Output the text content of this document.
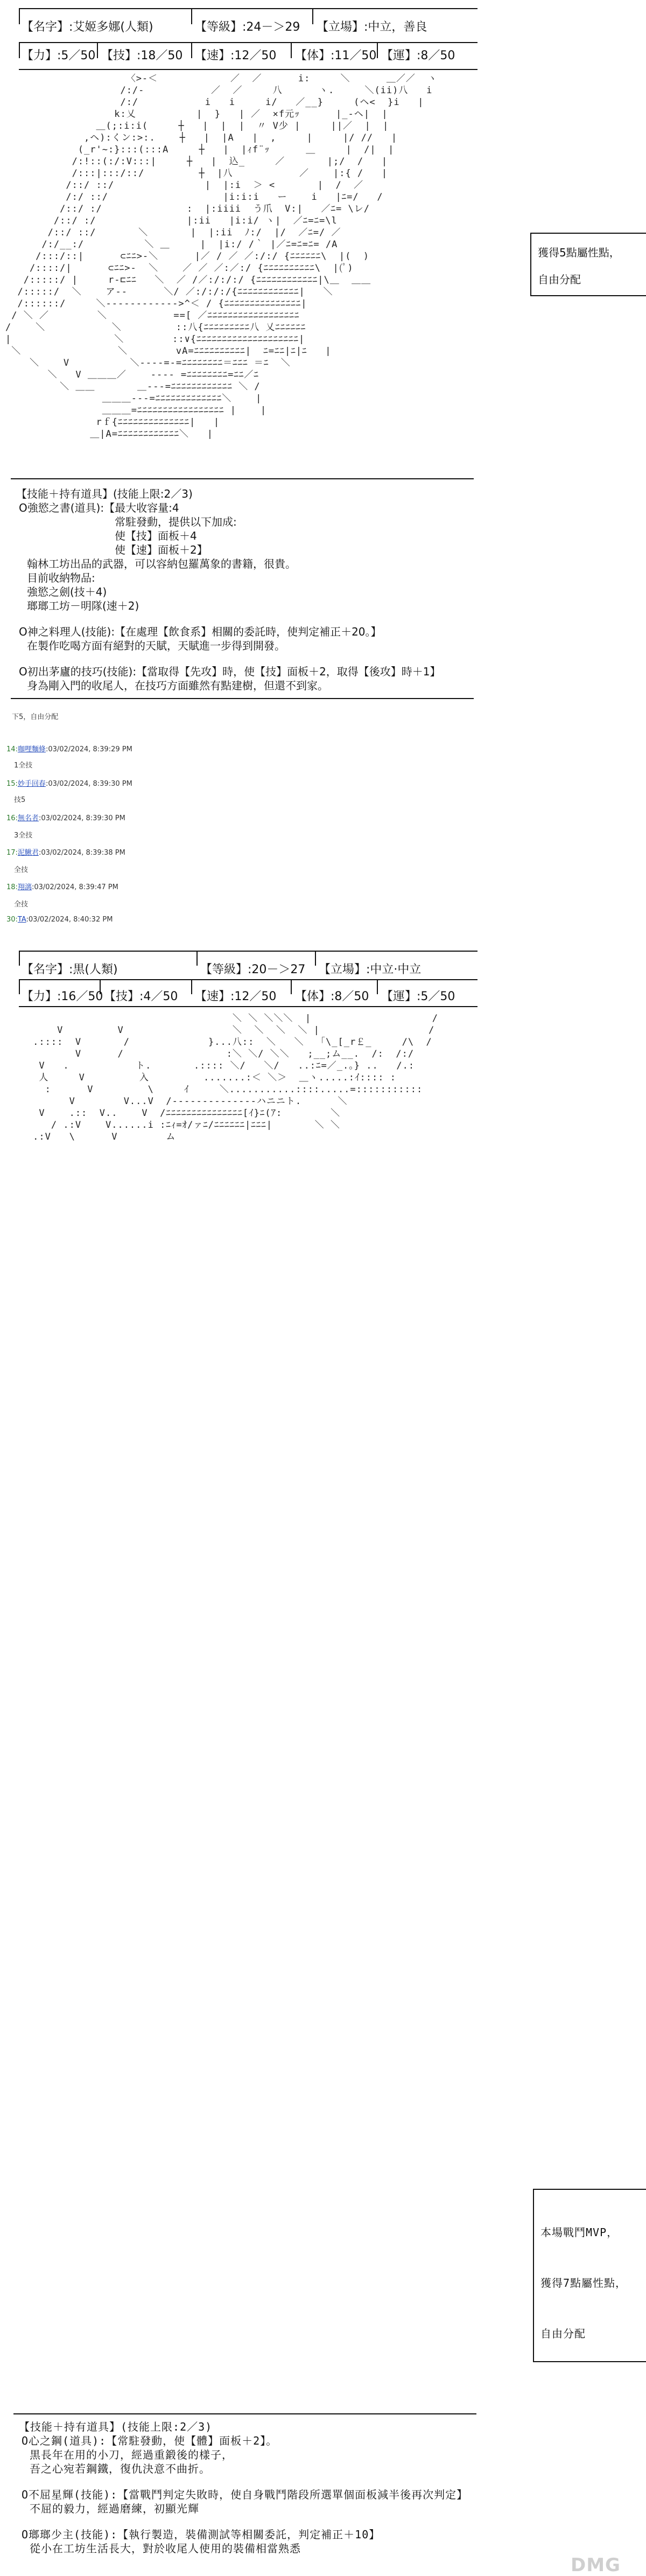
【名字】:艾姬多娜(人類)	【等級】:24－＞29 【立場】:中立，善良
【力】:5／50 【技】:18／50 【速】:12／50 【体】:11／50 【運】:8／50
〈>-＜            ／  ／      i:     ＼      ＿／／  ヽ
/:/-           ／  ／     八      ヽ.     ＼(ii)八   i
/:/           i   i     i/   ／__}     (ヘ<  }i   |
k:乂          |  }   | ／  ×f元ｯ      |_-ヘ|  |
＿(;:i:i(     ┼   |  |  |  〃 V少 |     ||／  |  |
,ヘ):くン:>:.    ┼   |  |A   |  ,     |     |/ //   |
(_r'~:}:::(:::A     ┼   |  |ｨf¨ｯ      ＿     |  /|  |
/:!::(:/:V:::|     ┼   |  込_     ／       |;/  /   |
/:::|:::/::/         ┼  |八           ／    |:{ /   |
/::/ ::/               |  |:i  ＞ <       |  /  ／
/:/ ::/                   |i:i:i   ー    i   |ﾆ=/   /
/::/ :/              :  |:iiii  う爪  V:|   ／ﾆ= \レ/
/::/ :/               |:ii   |i:i/ ヽ|  ／ﾆ=ﾆ=\l
/::/ ::/       ＼       |  |:ii  ﾉ:/  |/  ／ﾆ=/ ／
/:/__:/          ＼ ＿     |  |i:/ /｀ |／ﾆ=ﾆ=ﾆ= /A
/:::/::|      ⊂ﾆﾆ>‐＼      |／ / ／ ／:/:/ {ﾆﾆﾆﾆﾆﾆ\  |(  )
/::::/|      ⊂ﾆﾆ>‐  ＼    ／ ／ ／:／:/ {ﾆﾆﾆﾆﾆﾆﾆﾆﾆﾆ\  |(ﾟ)
/:::::/ |     r‐⊏ﾆﾆ   ＼  ／ /／:/:/:/ {ﾆﾆﾆﾆﾆﾆﾆﾆﾆﾆﾆﾆ|\＿  ＿＿
/:::::/  ＼    ア‐‐      ＼/ ／:/:/:/{ﾆﾆﾆﾆﾆﾆﾆﾆﾆﾆﾆﾆ|   ＼
/::::::/     ＼‐‐‐‐‐‐‐‐‐‐‐‐>^＜ / {ﾆﾆﾆﾆﾆﾆﾆﾆﾆﾆﾆﾆﾆﾆﾆ|
/ ＼ ／        ＼           ==[ ／ﾆﾆﾆﾆﾆﾆﾆﾆﾆﾆﾆﾆﾆﾆﾆﾆﾆﾆ
/    ＼           ＼         ::八{ﾆﾆﾆﾆﾆﾆﾆﾆﾆ八 乂ﾆﾆﾆﾆﾆﾆ
|                 ＼        ::∨{ﾆﾆﾆﾆﾆﾆﾆﾆﾆﾆﾆﾆﾆﾆﾆﾆﾆﾆﾆﾆ|
＼                ＼        vA=ﾆﾆﾆﾆﾆﾆﾆﾆﾆﾆ|  ﾆ=ﾆﾆ|ﾆ|ﾆ   |
＼    V          ＼‐‐--=‐=ﾆﾆﾆﾆﾆﾆﾆﾆ＝ﾆﾆﾆ ＝ﾆ  ＼
＼   V ＿＿＿／    ‐‐‐‐ =ﾆﾆﾆﾆﾆﾆﾆﾆ=ﾆﾆ／ﾆ
＼ ＿＿       ＿‐‐‐=ﾆﾆﾆﾆﾆﾆﾆﾆﾆﾆﾆﾆ ＼ /
＿＿＿‐‐‐=ﾆﾆﾆﾆﾆﾆﾆﾆﾆﾆﾆﾆﾆ＼    |
＿＿＿=ﾆﾆﾆﾆﾆﾆﾆﾆﾆﾆﾆﾆﾆﾆﾆﾆﾆ |    |
rｆ{ﾆﾆﾆﾆﾆﾆﾆﾆﾆﾆﾆﾆﾆﾆ|   |
＿|A=ﾆﾆﾆﾆﾆﾆﾆﾆﾆﾆﾆﾆ＼   |

獲得5點屬性點，
自由分配
【技能＋持有道具】(技能上限:2／3)
O強慾之書(道具):【最大收容量:4
常駐發動，提供以下加成:
使【技】面板＋4
使【速】面板＋2】
翰林工坊出品的武器，可以容納包羅萬象的書籍，很貴。
目前收納物品:
強慾之劍(技＋4)
瑯瑯工坊－明隊(速＋2)
O神之料理人(技能):【在處理【飲食系】相關的委託時，使判定補正＋20。】
在製作吃喝方面有絕對的天賦，天賦進一步得到開發。
O初出茅廬的技巧(技能):【當取得【先攻】時，使【技】面板＋2，取得【後攻】時＋1】
身為剛入門的收尾人，在技巧方面雖然有點建樹，但還不到家。
下5，自由分配
14:咖哩麵條:03/02/2024, 8:39:29 PM
1全技
15:妙手回春:03/02/2024, 8:39:30 PM
技5
16:無名者:03/02/2024, 8:39:30 PM
3全技
17:泥鰍君:03/02/2024, 8:39:38 PM
全技
18:翔漓:03/02/2024, 8:39:47 PM
全技
30:TA:03/02/2024, 8:40:32 PM
【名字】:黒(人類)	【等級】:20－＞27 【立場】:中立·中立
【力】:16／50 【技】:4／50 【速】:12／50 【体】:8／50 【運】:5／50
＼ ＼ ＼＼＼  |                    /
V         V                  ＼  ＼  ＼  ＼ |                  /
.::::  V       /             }...八::  ＼   ＼  「\_[_r￡_     /\  /
V      /                 :＼ ＼/ ＼＼   ;__;ム__.  /:  /:/
V   .           ト.       .:::: ＼/   ＼/   ..:ﾆ=／_.｡} ..   /.:
人     V         入         .......:＜ ＼＞  ＿ヽ.....:ｲ:::: :
:      V         \     ｲ     ＼...........::::.....=:::::::::::
V        V...V  /‐‐‐‐‐‐‐‐‐‐‐‐‐‐ハニニト.      ＼
V    .::  V..    V  /ﾆﾆﾆﾆﾆﾆﾆﾆﾆﾆﾆﾆﾆﾆﾆ[ｲ}ﾆ(ｱ:        ＼
/ .:V    V......i :ﾆｨ=ｵ/ァﾆ/ﾆﾆﾆﾆﾆﾆ|ﾆﾆﾆ|       ＼ ＼
.:V   \      V        ム

本場戰鬥MVP，

獲得7點屬性點，

自由分配

【技能＋持有道具】(技能上限:2／3)

O心之鋼(道具):【常駐發動，使【體】面板＋2】。

黒長年在用的小刀，經過重鍛後的樣子，

吾之心宛若鋼鐵，復仇決意不曲折。

O不屈星輝(技能):【當戰鬥判定失敗時，使自身戰鬥階段所選單個面板減半後再次判定】

不屈的毅力，經過磨練，初顯光輝

O瑯瑯少主(技能):【執行製造，裝備測試等相關委託，判定補正＋10】

從小在工坊生活長大，對於收尾人使用的裝備相當熟悉

DMG
